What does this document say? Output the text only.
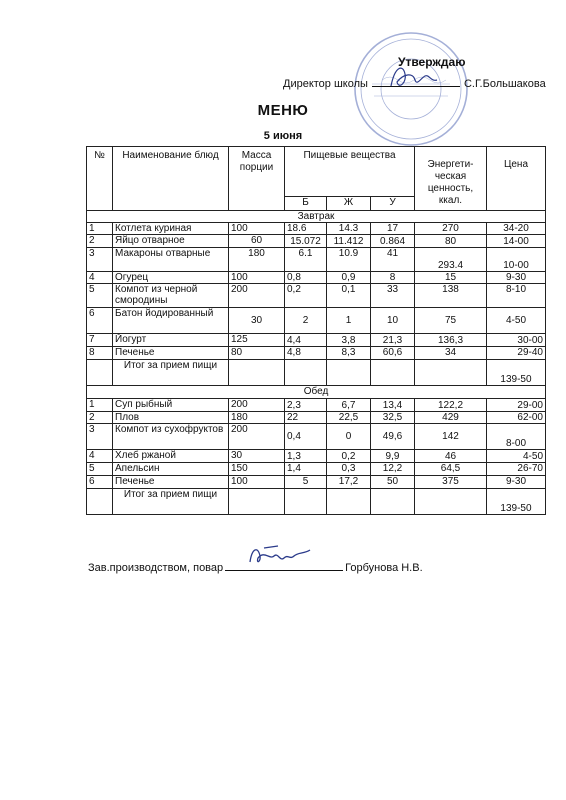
Утверждаю
Директор школы	С.Г.Большакова
МЕНЮ
5 июня
№	Наименование блюд	Масса порции	Пищевые вещества			Энергети-ческая ценность, ккал.	Цена
			Б	Ж	У		
Завтрак							
1	Котлета куриная	100	18.6	14.3	17	270	34-20
2	Яйцо отварное	60	15.072	11.412	0.864	80	14-00
3	Макароны отварные	180	6.1	10.9	41	293.4	10-00
4	Огурец	100	0,8	0,9	8	15	9-30
5	Компот из черной смородины	200	0,2	0,1	33	138	8-10
6	Батон йодированный	30	2	1	10	75	4-50
7	Йогурт	125	4,4	3,8	21,3	136,3	30-00
8	Печенье	80	4,8	8,3	60,6	34	29-40
	Итог за прием пищи						139-50
Обед							
1	Суп рыбный	200	2,3	6,7	13,4	122,2	29-00
2	Плов	180	22	22,5	32,5	429	62-00
3	Компот из сухофруктов	200	0,4	0	49,6	142	8-00
4	Хлеб ржаной	30	1,3	0,2	9,9	46	4-50
5	Апельсин	150	1,4	0,3	12,2	64,5	26-70
6	Печенье	100	5	17,2	50	375	9-30
	Итог за прием пищи						139-50
Зав.производством, повар	Горбунова Н.В.
